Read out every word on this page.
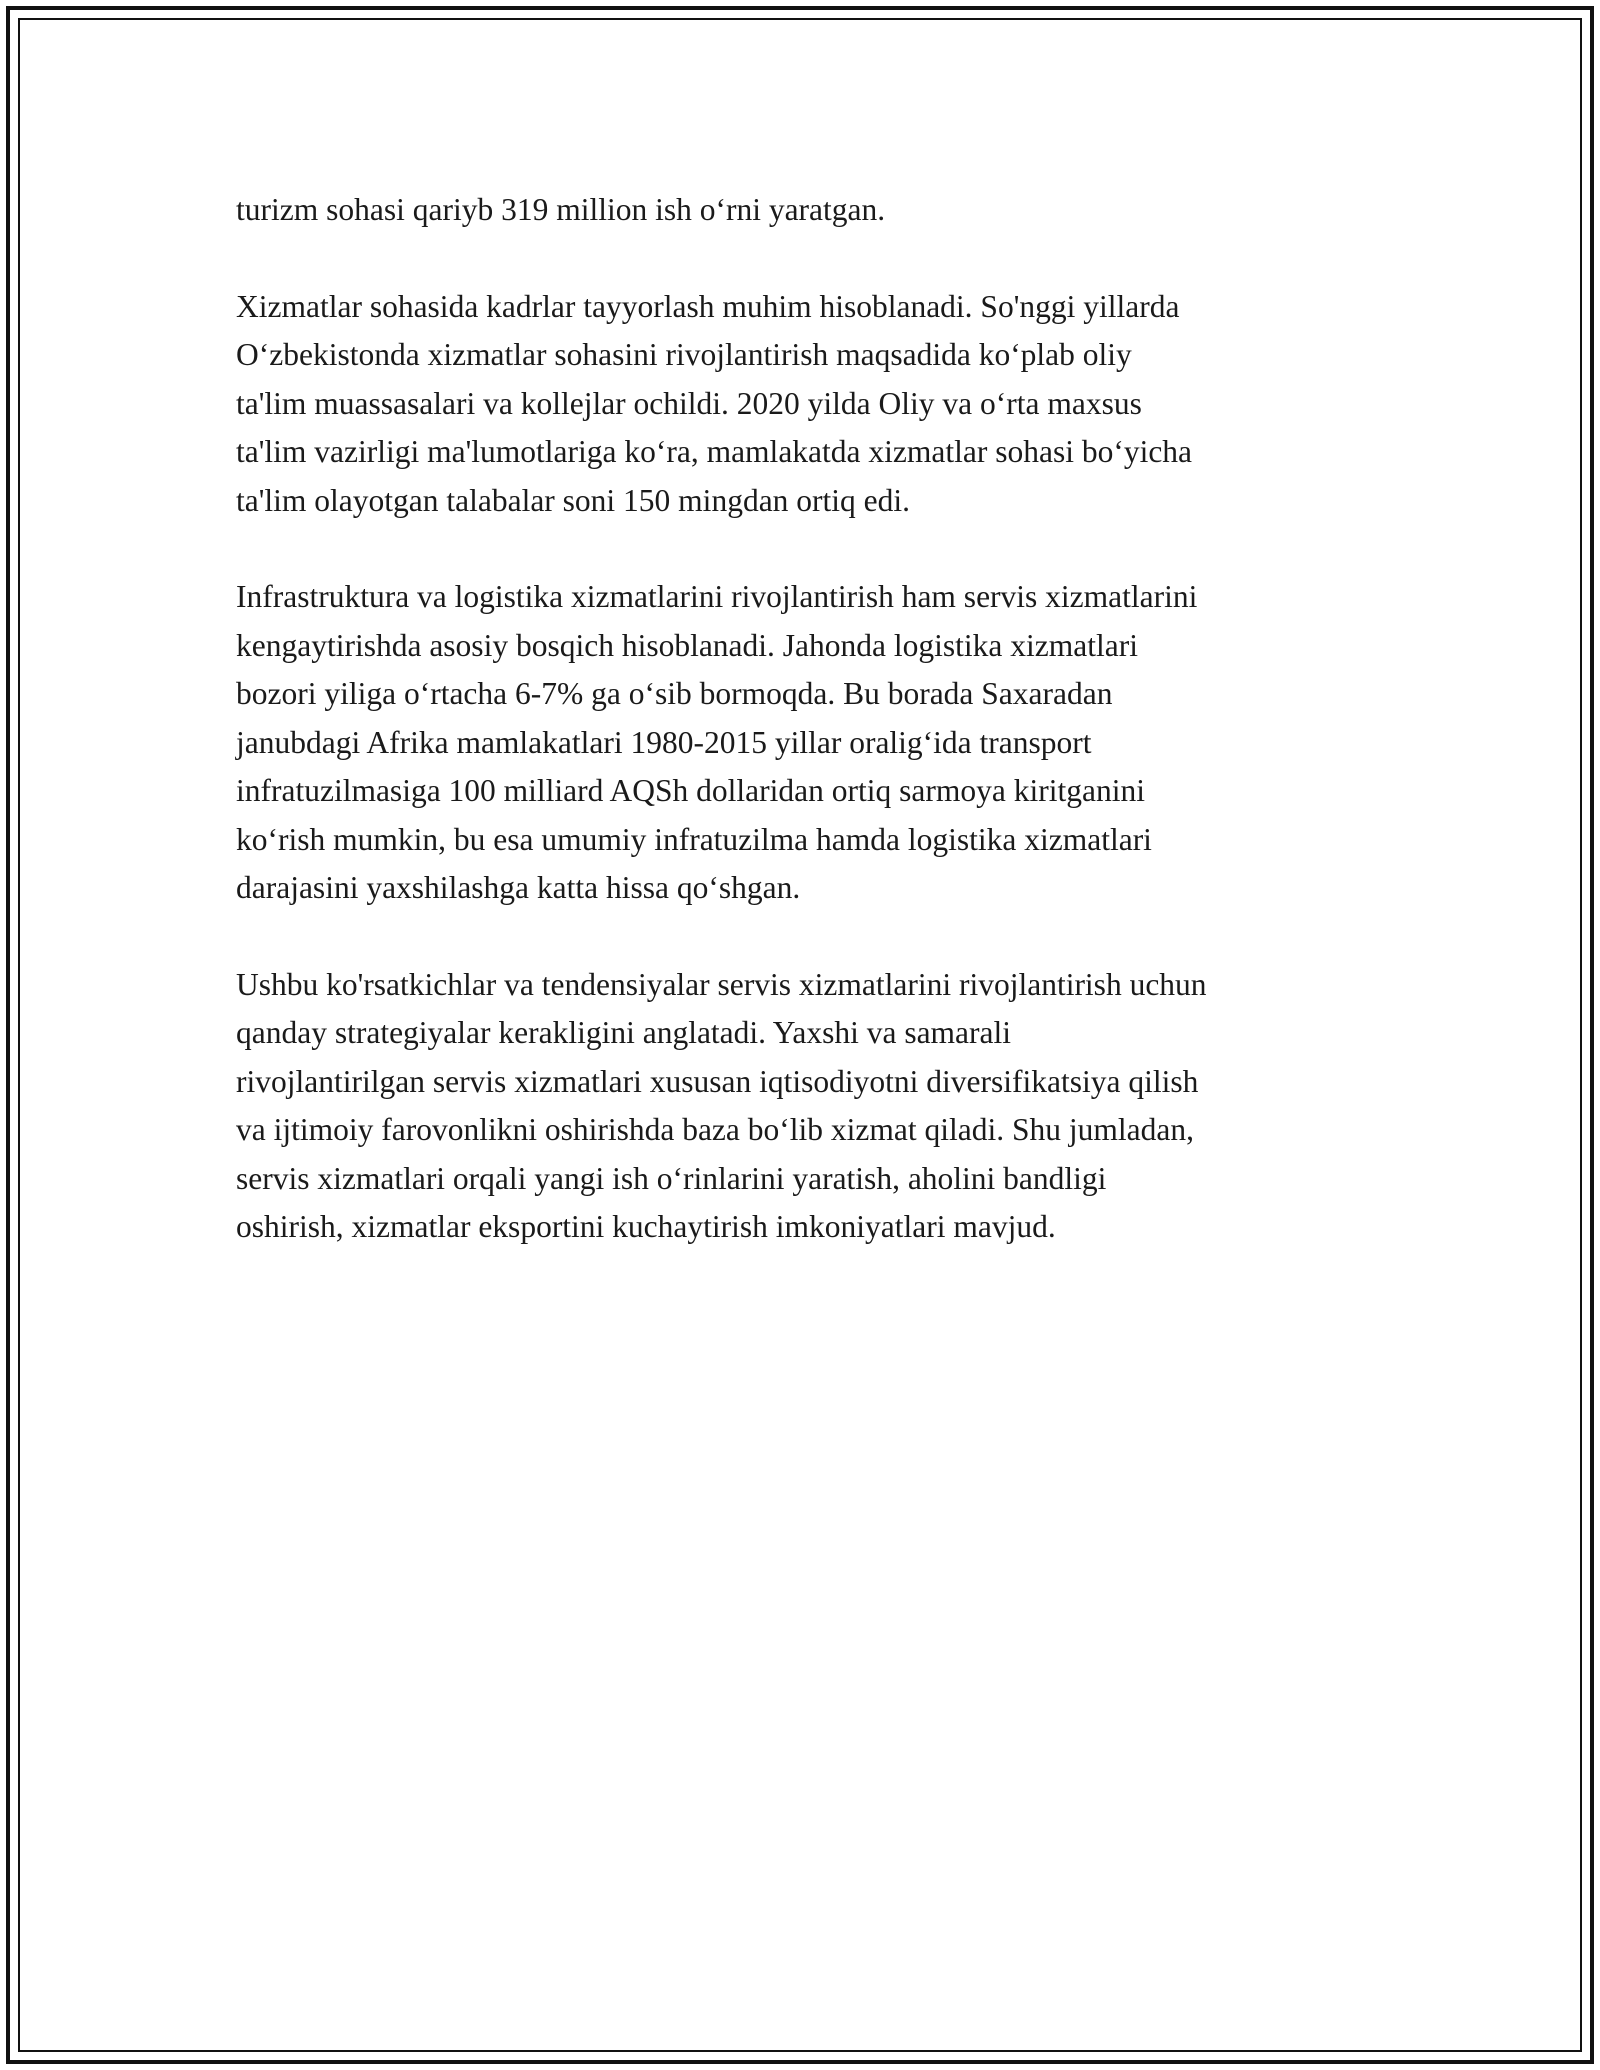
turizm sohasi qariyb 319 million ish o‘rni yaratgan.

Xizmatlar sohasida kadrlar tayyorlash muhim hisoblanadi. So'nggi yillarda
O‘zbekistonda xizmatlar sohasini rivojlantirish maqsadida ko‘plab oliy
ta'lim muassasalari va kollejlar ochildi. 2020 yilda Oliy va o‘rta maxsus
ta'lim vazirligi ma'lumotlariga ko‘ra, mamlakatda xizmatlar sohasi bo‘yicha
ta'lim olayotgan talabalar soni 150 mingdan ortiq edi.

Infrastruktura va logistika xizmatlarini rivojlantirish ham servis xizmatlarini
kengaytirishda asosiy bosqich hisoblanadi. Jahonda logistika xizmatlari
bozori yiliga o‘rtacha 6-7% ga o‘sib bormoqda. Bu borada Saxaradan
janubdagi Afrika mamlakatlari 1980-2015 yillar oralig‘ida transport
infratuzilmasiga 100 milliard AQSh dollaridan ortiq sarmoya kiritganini
ko‘rish mumkin, bu esa umumiy infratuzilma hamda logistika xizmatlari
darajasini yaxshilashga katta hissa qo‘shgan.

Ushbu ko'rsatkichlar va tendensiyalar servis xizmatlarini rivojlantirish uchun
qanday strategiyalar kerakligini anglatadi. Yaxshi va samarali
rivojlantirilgan servis xizmatlari xususan iqtisodiyotni diversifikatsiya qilish
va ijtimoiy farovonlikni oshirishda baza bo‘lib xizmat qiladi. Shu jumladan,
servis xizmatlari orqali yangi ish o‘rinlarini yaratish, aholini bandligi
oshirish, xizmatlar eksportini kuchaytirish imkoniyatlari mavjud.
